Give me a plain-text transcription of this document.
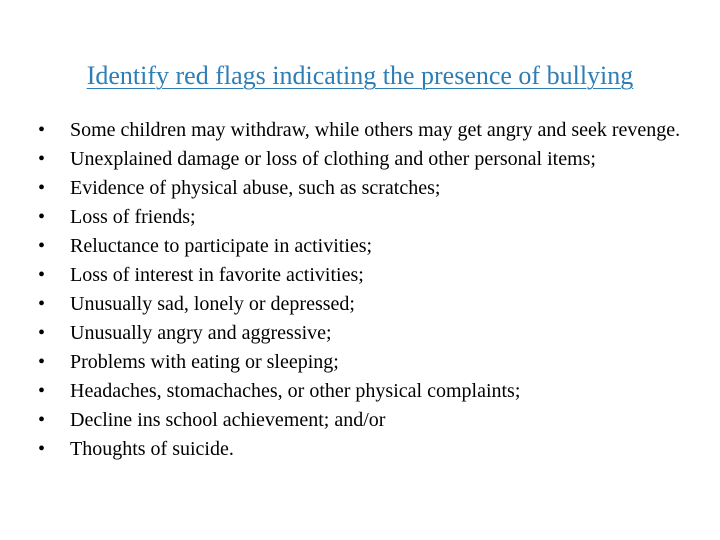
Identify red flags indicating the presence of bullying
• Some children may withdraw, while others may get angry and seek revenge.
• Unexplained damage or loss of clothing and other personal items;
• Evidence of physical abuse, such as scratches;
• Loss of friends;
• Reluctance to participate in activities;
• Loss of interest in favorite activities;
• Unusually sad, lonely or depressed;
• Unusually angry and aggressive;
• Problems with eating or sleeping;
• Headaches, stomachaches, or other physical complaints;
• Decline ins school achievement; and/or
• Thoughts of suicide.
